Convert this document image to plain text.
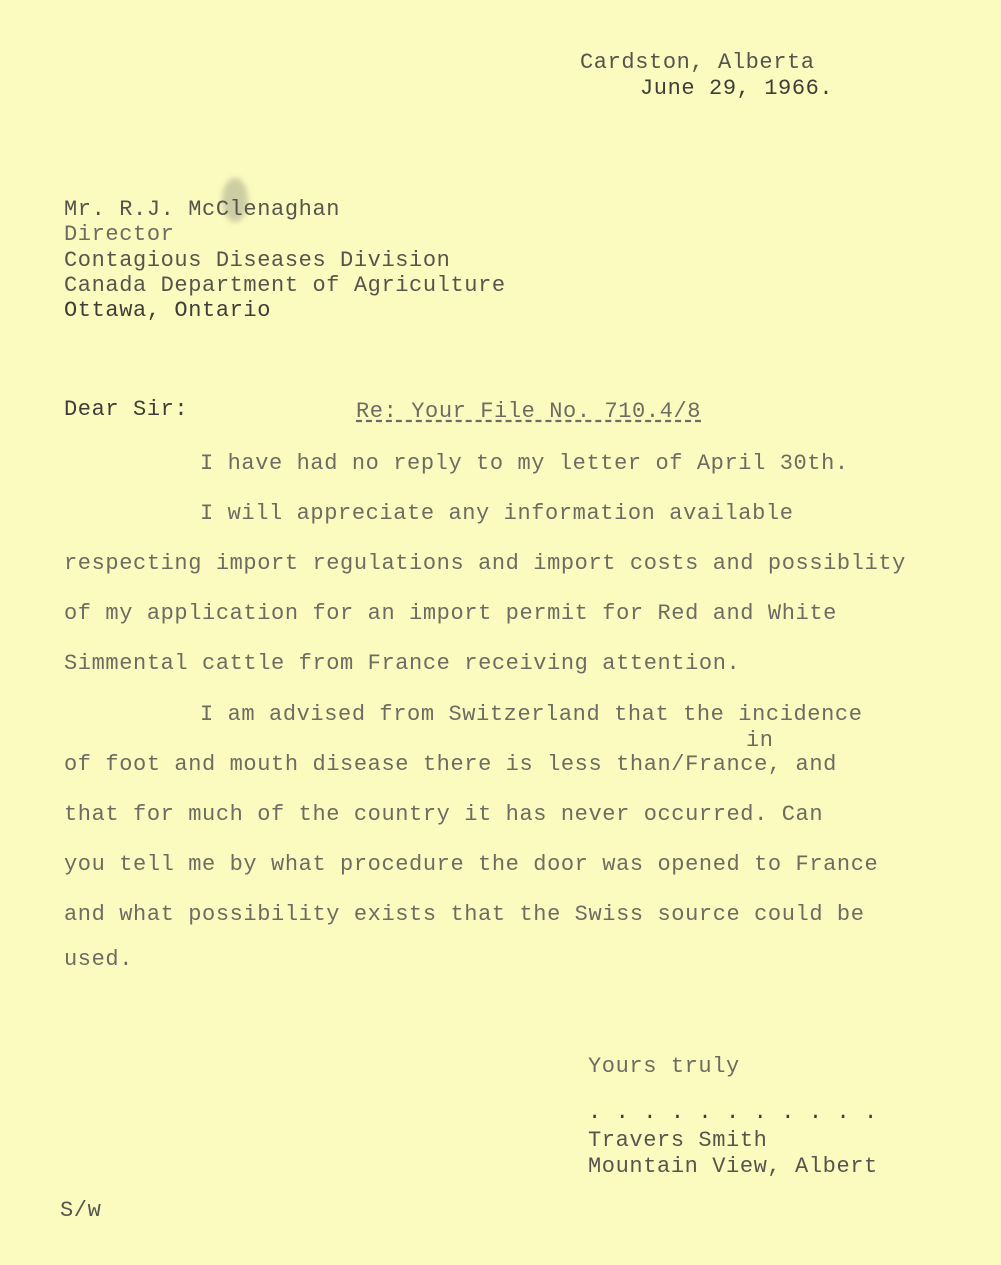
Cardston, Alberta
June 29, 1966.
Mr. R.J. McClenaghan
Director
Contagious Diseases Division
Canada Department of Agriculture
Ottawa, Ontario
Dear Sir:	Re: Your File No. 710.4/8
I have had no reply to my letter of April 30th.
I will appreciate any information available
respecting import regulations and import costs and possiblity
of my application for an import permit for Red and White
Simmental cattle from France receiving attention.
I am advised from Switzerland that the incidence
in
of foot and mouth disease there is less than/France, and
that for much of the country it has never occurred. Can
you tell me by what procedure the door was opened to France
and what possibility exists that the Swiss source could be
used.
Yours truly
. . . . . . . . . . .
Travers Smith
Mountain View, Albert
S/w
